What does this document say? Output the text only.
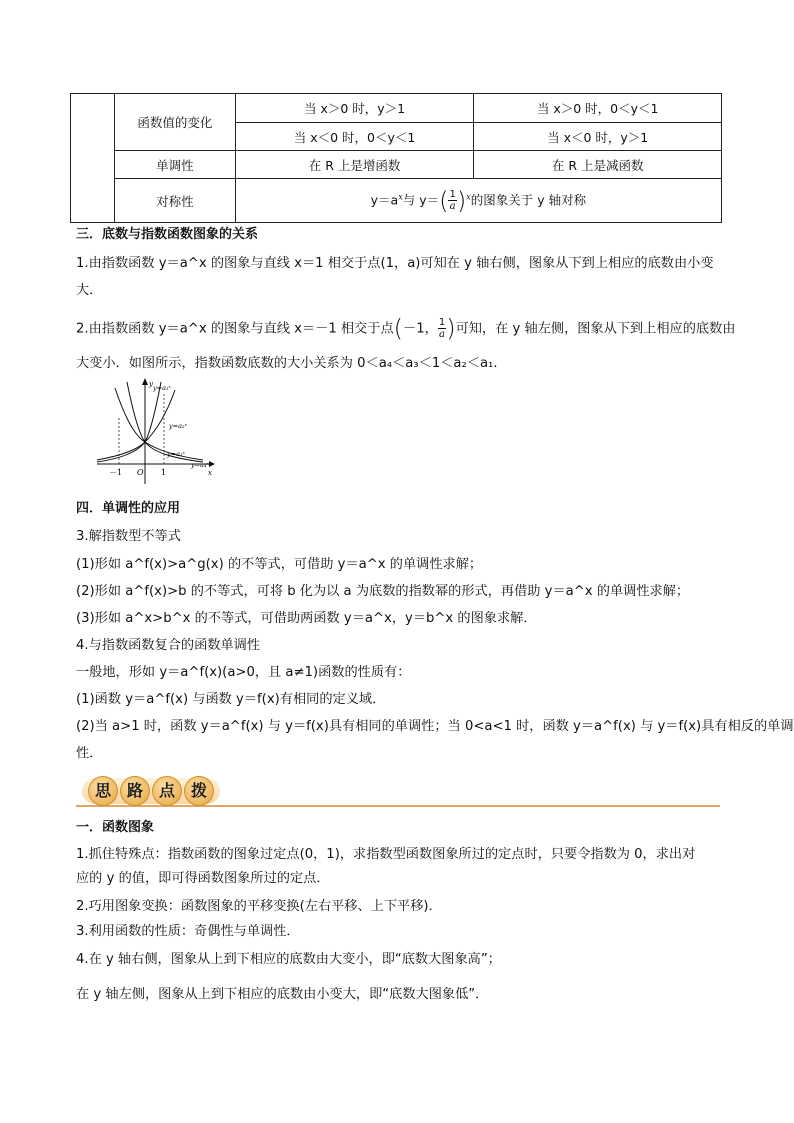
	函数值的变化	当 x＞0 时，y＞1	当 x＞0 时，0＜y＜1
		当 x＜0 时，0＜y＜1	当 x＜0 时，y＞1
	单调性	在 R 上是增函数	在 R 上是减函数
	对称性	$y=a^x$与 $y=( \frac{1}{a})^x$的图象关于 y 轴对称	
三．底数与指数函数图象的关系
1.由指数函数 y＝a^x 的图象与直线 x＝1 相交于点(1，a)可知在 y 轴右侧，图象从下到上相应的底数由小变
大．
2.由指数函数 y＝a^x 的图象与直线 x＝－1 相交于点(－1， $\frac{1}{a}$)可知，在 y 轴左侧，图象从下到上相应的底数由
大变小．如图所示，指数函数底数的大小关系为 0＜a₄＜a₃＜1＜a₂＜a₁.
y
x
O
－1	1
y=a₁ˣ
y=a₂ˣ
y=a₃ˣ
y=a₄ˣ
四．单调性的应用
3.解指数型不等式
(1)形如 a^f(x)>a^g(x) 的不等式，可借助 y＝a^x 的单调性求解；
(2)形如 a^f(x)>b 的不等式，可将 b 化为以 a 为底数的指数幂的形式，再借助 y＝a^x 的单调性求解；
(3)形如 a^x>b^x 的不等式，可借助两函数 y＝a^x，y＝b^x 的图象求解．
4.与指数函数复合的函数单调性
一般地，形如 y＝a^f(x)(a>0，且 a≠1)函数的性质有：
(1)函数 y＝a^f(x) 与函数 y＝f(x)有相同的定义域．
(2)当 a>1 时，函数 y＝a^f(x) 与 y＝f(x)具有相同的单调性；当 0<a<1 时，函数 y＝a^f(x) 与 y＝f(x)具有相反的单调
性．
思 路 点 拨
一．函数图象
1.抓住特殊点：指数函数的图象过定点(0，1)，求指数型函数图象所过的定点时，只要令指数为 0，求出对
应的 y 的值，即可得函数图象所过的定点．
2.巧用图象变换：函数图象的平移变换(左右平移、上下平移)．
3.利用函数的性质：奇偶性与单调性．
4.在 y 轴右侧，图象从上到下相应的底数由大变小，即“底数大图象高”；
在 y 轴左侧，图象从上到下相应的底数由小变大，即“底数大图象低”．
